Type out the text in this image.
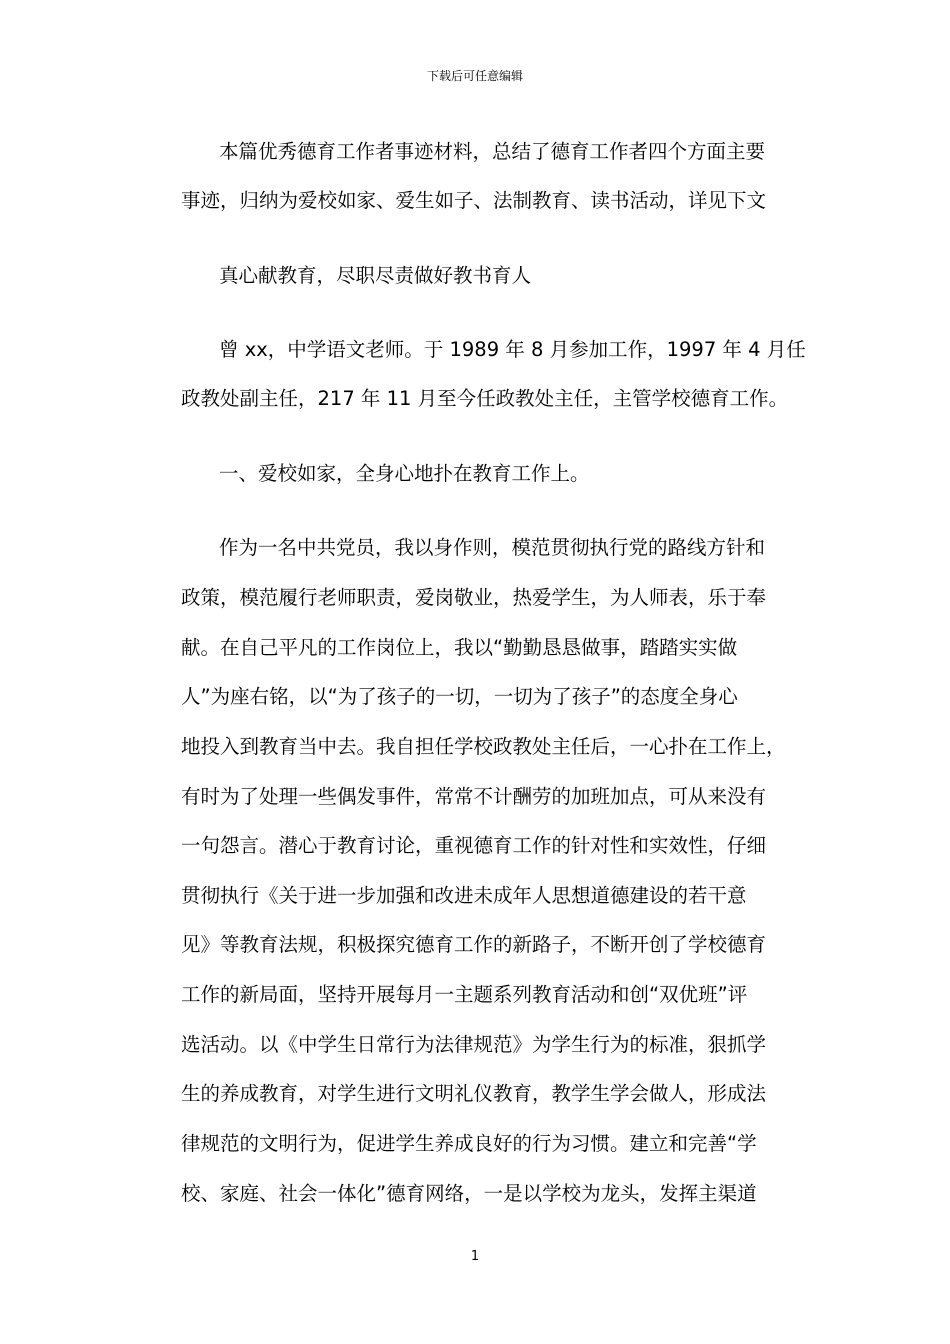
下载后可任意编辑
本篇优秀德育工作者事迹材料，总结了德育工作者四个方面主要
事迹，归纳为爱校如家、爱生如子、法制教育、读书活动，详见下文
真心献教育，尽职尽责做好教书育人
曾 xx，中学语文老师。于 1989 年 8 月参加工作，1997 年 4 月任
政教处副主任，217 年 11 月至今任政教处主任，主管学校德育工作。
一、爱校如家，全身心地扑在教育工作上。
作为一名中共党员，我以身作则，模范贯彻执行党的路线方针和
政策，模范履行老师职责，爱岗敬业，热爱学生，为人师表，乐于奉
献。在自己平凡的工作岗位上，我以“勤勤恳恳做事，踏踏实实做
人”为座右铭，以“为了孩子的一切，一切为了孩子”的态度全身心
地投入到教育当中去。我自担任学校政教处主任后，一心扑在工作上，
有时为了处理一些偶发事件，常常不计酬劳的加班加点，可从来没有
一句怨言。潜心于教育讨论，重视德育工作的针对性和实效性，仔细
贯彻执行《关于进一步加强和改进未成年人思想道德建设的若干意
见》等教育法规，积极探究德育工作的新路子，不断开创了学校德育
工作的新局面，坚持开展每月一主题系列教育活动和创“双优班”评
选活动。以《中学生日常行为法律规范》为学生行为的标准，狠抓学
生的养成教育，对学生进行文明礼仪教育，教学生学会做人，形成法
律规范的文明行为，促进学生养成良好的行为习惯。建立和完善“学
校、家庭、社会一体化”德育网络，一是以学校为龙头，发挥主渠道
1
